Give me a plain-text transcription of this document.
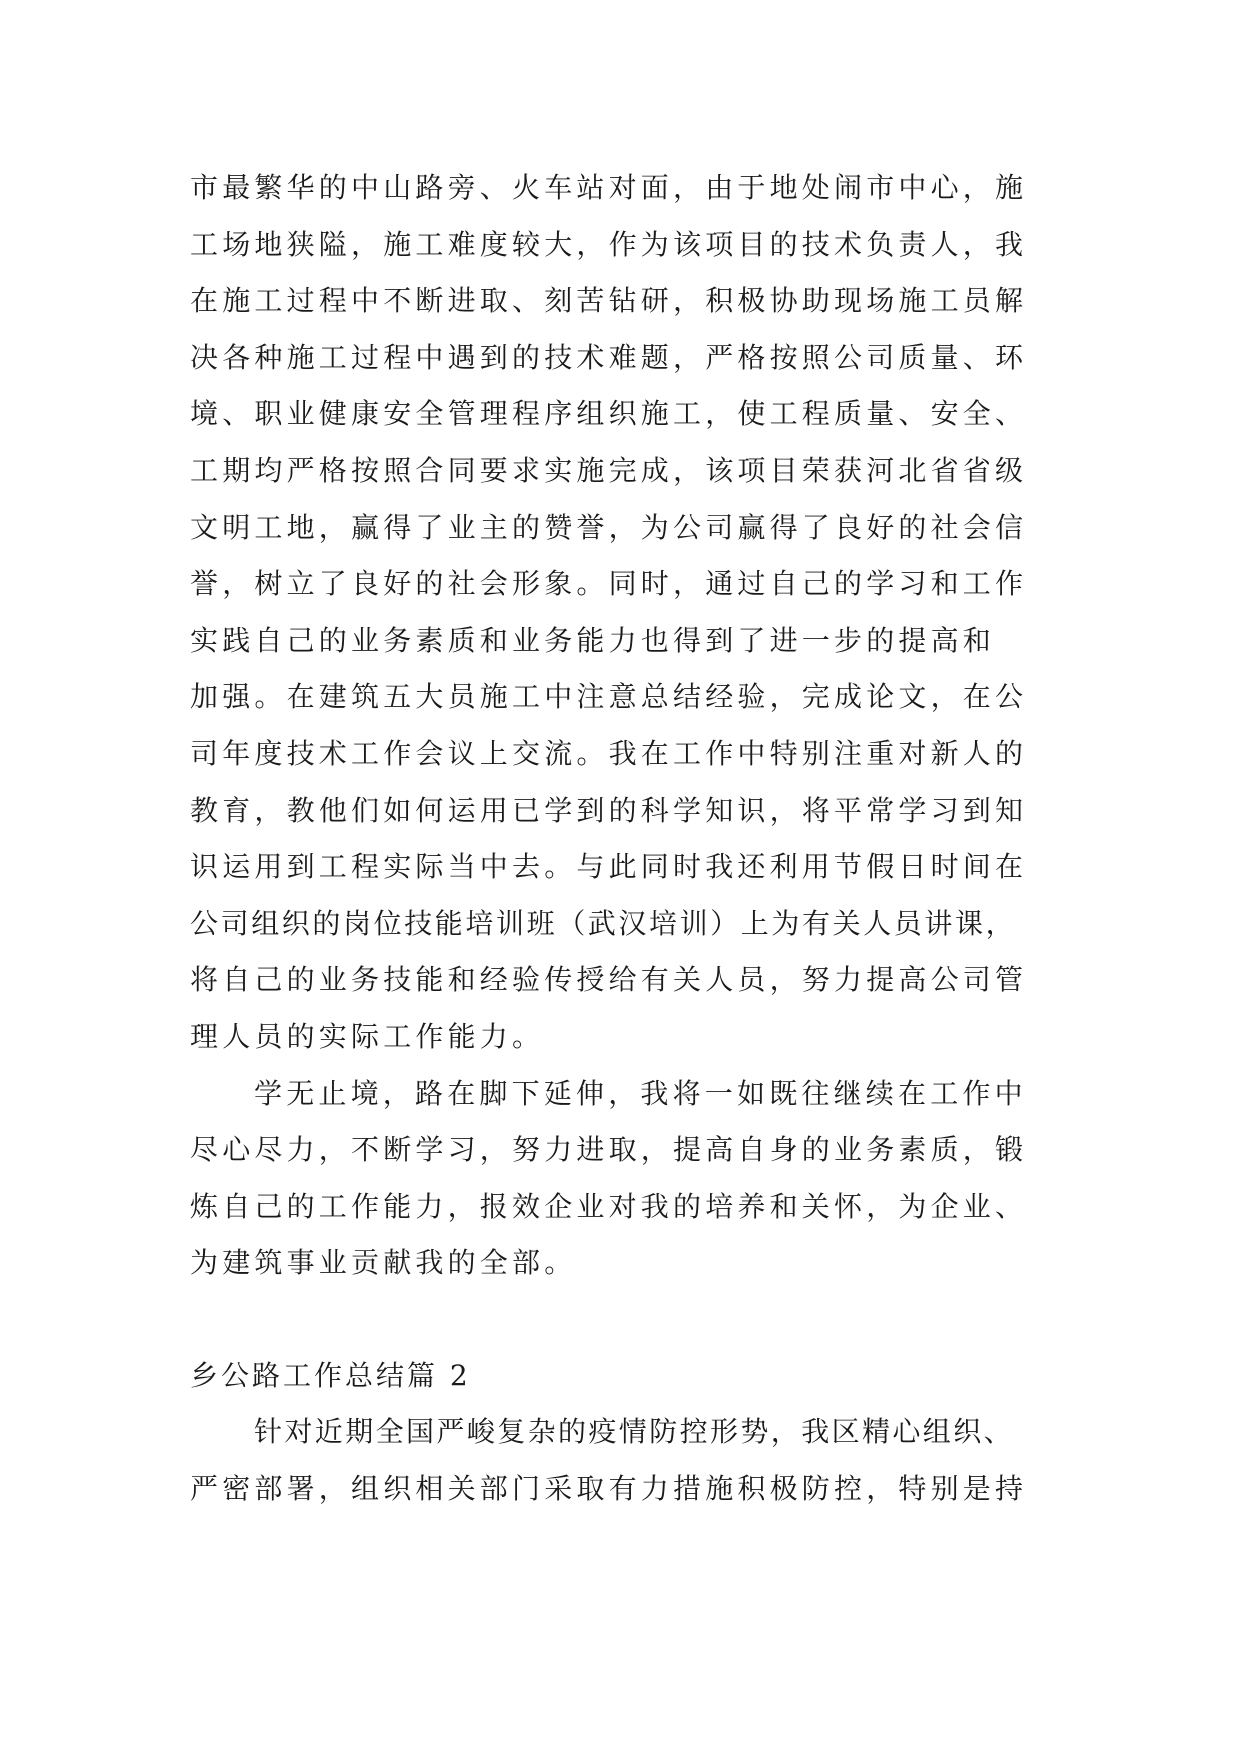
市最繁华的中山路旁、火车站对面，由于地处闹市中心，施
工场地狭隘，施工难度较大，作为该项目的技术负责人，我
在施工过程中不断进取、刻苦钻研，积极协助现场施工员解
决各种施工过程中遇到的技术难题，严格按照公司质量、环
境、职业健康安全管理程序组织施工，使工程质量、安全、
工期均严格按照合同要求实施完成，该项目荣获河北省省级
文明工地，赢得了业主的赞誉，为公司赢得了良好的社会信
誉，树立了良好的社会形象。同时，通过自己的学习和工作
实践自己的业务素质和业务能力也得到了进一步的提高和
加强。在建筑五大员施工中注意总结经验，完成论文，在公
司年度技术工作会议上交流。我在工作中特别注重对新人的
教育，教他们如何运用已学到的科学知识，将平常学习到知
识运用到工程实际当中去。与此同时我还利用节假日时间在
公司组织的岗位技能培训班（武汉培训）上为有关人员讲课，
将自己的业务技能和经验传授给有关人员，努力提高公司管
理人员的实际工作能力。
学无止境，路在脚下延伸，我将一如既往继续在工作中
尽心尽力，不断学习，努力进取，提高自身的业务素质，锻
炼自己的工作能力，报效企业对我的培养和关怀，为企业、
为建筑事业贡献我的全部。
乡公路工作总结篇 2
针对近期全国严峻复杂的疫情防控形势，我区精心组织、
严密部署，组织相关部门采取有力措施积极防控，特别是持
